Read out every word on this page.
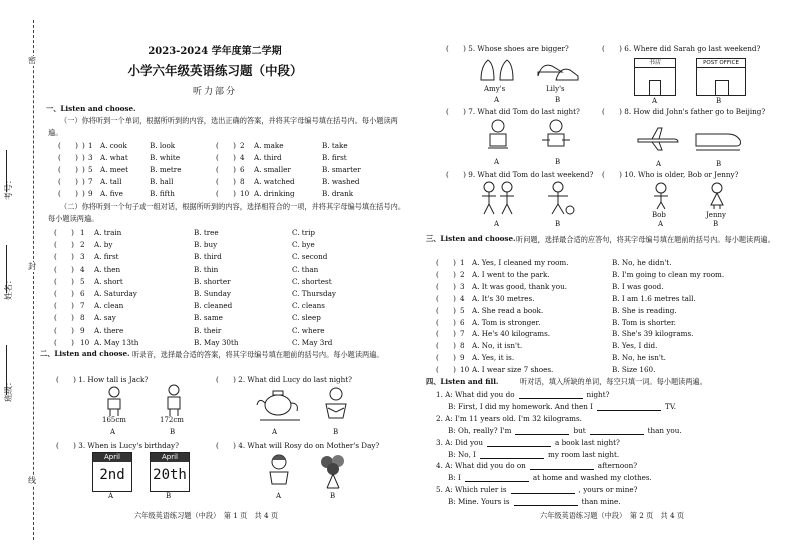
密
封
线
考号：
姓名：
班级：
2023-2024 学年度第二学期
小学六年级英语练习题（中段）
听力部分
一、Listen and choose.
（一）你将听到一个单词，根据所听到的内容，选出正确的答案，并将其字母编号填在括号内。每小题读两遍。
(　　) ) 1 A. cook	B. look	(　　) 2 A. make	B. take
(　　) ) 3 A. what	B. white	(　　) 4 A. third	B. first
(　　) ) 5 A. meet	B. metre	(　　) 6 A. smaller	B. smarter
(　　) ) 7 A. tall	B. hall	(　　) 8 A. watched	B. washed
(　　) ) 9 A. five	B. fifth	(　　) 10 A. drinking	B. drank
（二）你将听到一个句子或一组对话，根据所听到的内容，选择相符合的一项，并将其字母编号填在括号内。每小题读两遍。
(　　) 1 A. train	B. tree	C. trip
(　　) 2 A. by	B. buy	C. bye
(　　) 3 A. first	B. third	C. second
(　　) 4 A. then	B. thin	C. than
(　　) 5 A. short	B. shorter	C. shortest
(　　) 6 A. Saturday	B. Sunday	C. Thursday
(　　) 7 A. clean	B. cleaned	C. cleans
(　　) 8 A. say	B. same	C. sleep
(　　) 9 A. there	B. their	C. where
(　　) 10 A. May 13th	B. May 30th	C. May 3rd
二、Listen and choose. 听录音，选择最合适的答案，将其字母编号填在题前的括号内。每小题读两遍。
(　　) 1. How tall is Jack?	(　　) 2. What did Lucy do last night?
165cm	172cm
A	B	A	B
(　　) 3. When is Lucy's birthday?	(　　) 4. What will Rosy do on Mother's Day?
April
2nd
April
20th
A	B	A	B
六年级英语练习题（中段）　第 1 页　共 4 页
(　　) 5. Whose shoes are bigger?	(　　) 6. Where did Sarah go last weekend?
Amy's	Lily's
A	B
书店	POST OFFICE
A	B
(　　) 7. What did Tom do last night?	(　　) 8. How did John's father go to Beijing?
A	B	A	B
(　　) 9. What did Tom do last weekend? (　　) 10. Who is older, Bob or Jenny?
A	B
Bob	Jenny
A	B
三、Listen and choose. 听问题，选择最合适的应答句，将其字母编号填在题前的括号内。每小题读两遍。
(　　) 1 A. Yes, I cleaned my room.	B. No, he didn't.
(　　) 2 A. I went to the park.	B. I'm going to clean my room.
(　　) 3 A. It was good, thank you.	B. I was good.
(　　) 4 A. It's 30 metres.	B. I am 1.6 metres tall.
(　　) 5 A. She read a book.	B. She is reading.
(　　) 6 A. Tom is stronger.	B. Tom is shorter.
(　　) 7 A. He's 40 kilograms.	B. She's 39 kilograms.
(　　) 8 A. No, it isn't.	B. Yes, I did.
(　　) 9 A. Yes, it is.	B. No, he isn't.
(　　) 10 A. I wear size 7 shoes.	B. Size 160.
四、Listen and fill.	听对话，填入所缺的单词，每空只填一词。每小题读两遍。
1. A: What did you do	night?
B: First, I did my homework. And then I	TV.
2. A: I'm 11 years old. I'm 32 kilograms.
B: Oh, really? I'm	but	than you.
3. A: Did you	a book last night?
B: No, I	my room last night.
4. A: What did you do on	afternoon?
B: I	at home and washed my clothes.
5. A: Which ruler is	, yours or mine?
B: Mine. Yours is	than mine.
六年级英语练习题（中段）　第 2 页　共 4 页
